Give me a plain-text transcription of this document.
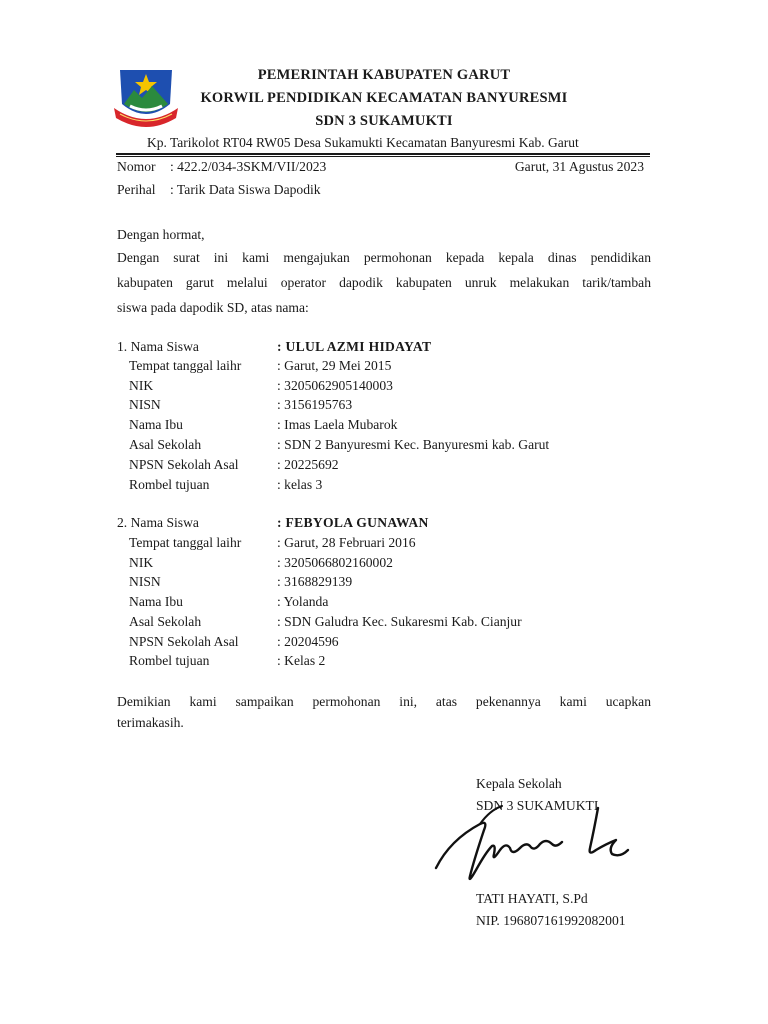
PEMERINTAH KABUPATEN GARUT
KORWIL PENDIDIKAN KECAMATAN BANYURESMI
SDN 3 SUKAMUKTI
Kp. Tarikolot RT04 RW05 Desa Sukamukti Kecamatan Banyuresmi Kab. Garut
Nomor : 422.2/034-3SKM/VII/2023	Garut, 31 Agustus 2023
Perihal : Tarik Data Siswa Dapodik
Dengan hormat,
Dengan surat ini kami mengajukan permohonan kepada kepala dinas pendidikan
kabupaten garut melalui operator dapodik kabupaten unruk melakukan tarik/tambah
siswa pada dapodik SD, atas nama:
1. Nama Siswa	: ULUL AZMI HIDAYAT
Tempat tanggal laihr	: Garut, 29 Mei 2015
NIK	: 3205062905140003
NISN	: 3156195763
Nama Ibu	: Imas Laela Mubarok
Asal Sekolah	: SDN 2 Banyuresmi Kec. Banyuresmi kab. Garut
NPSN Sekolah Asal	: 20225692
Rombel tujuan	: kelas 3
2. Nama Siswa	: FEBYOLA GUNAWAN
Tempat tanggal laihr	: Garut, 28 Februari 2016
NIK	: 3205066802160002
NISN	: 3168829139
Nama Ibu	: Yolanda
Asal Sekolah	: SDN Galudra Kec. Sukaresmi Kab. Cianjur
NPSN Sekolah Asal	: 20204596
Rombel tujuan	: Kelas 2
Demikian kami sampaikan permohonan ini, atas pekenannya kami ucapkan
terimakasih.
Kepala Sekolah
SDN 3 SUKAMUKTI
TATI HAYATI, S.Pd
NIP. 196807161992082001
